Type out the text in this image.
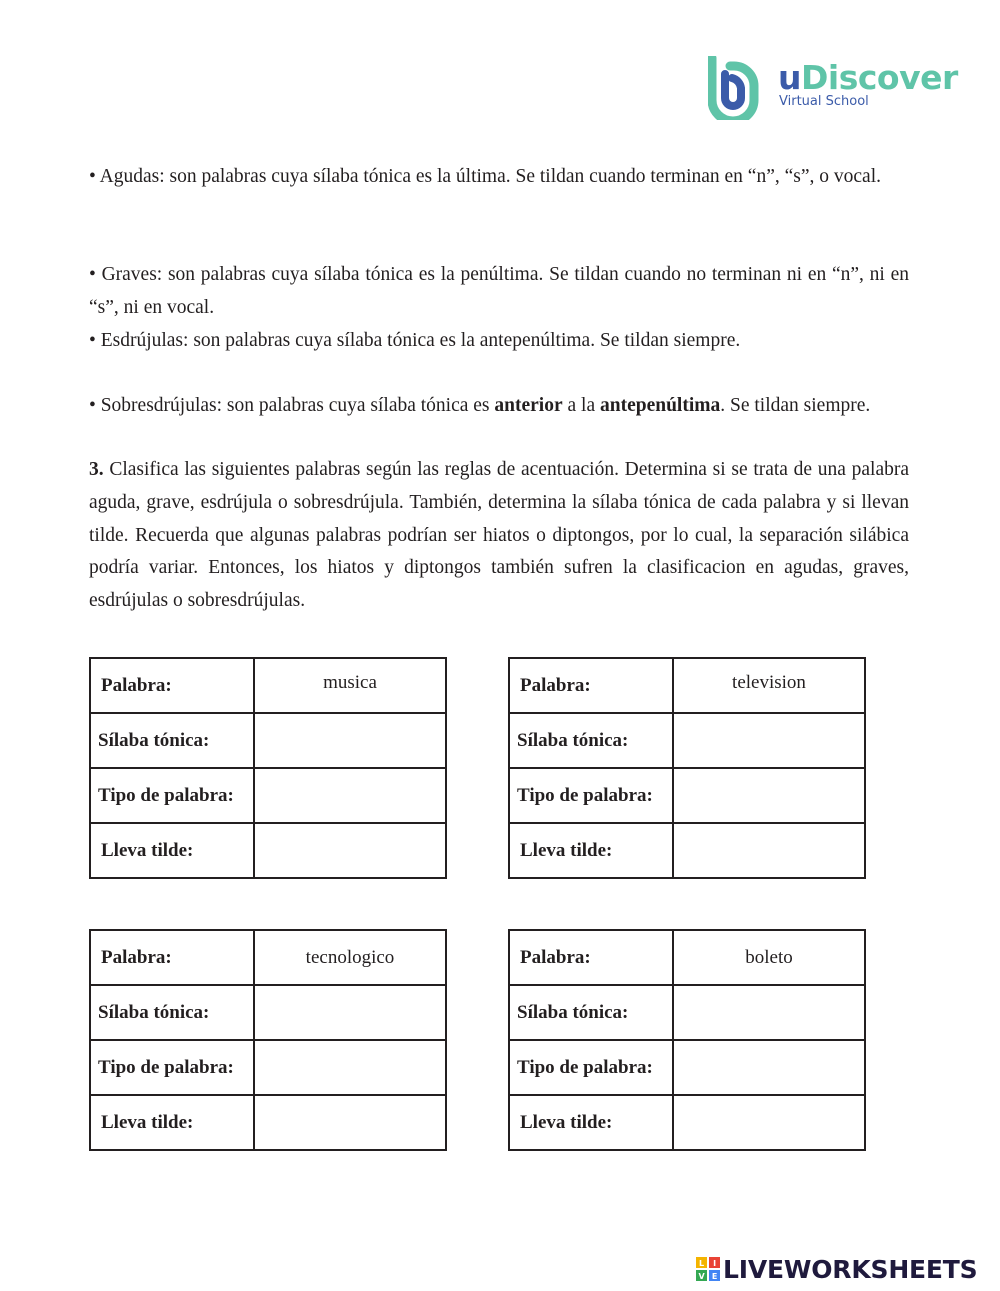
uDiscover
Virtual School

• Agudas: son palabras cuya sílaba tónica es la última. Se tildan cuando terminan en “n”, “s”, o vocal.

• Graves: son palabras cuya sílaba tónica es la penúltima. Se tildan cuando no terminan ni en “n”, ni en “s”, ni en vocal.

• Esdrújulas: son palabras cuya sílaba tónica es la antepenúltima. Se tildan siempre.

• Sobresdrújulas: son palabras cuya sílaba tónica es anterior a la antepenúltima. Se tildan siempre.

3. Clasifica las siguientes palabras según las reglas de acentuación. Determina si se trata de una palabra aguda, grave, esdrújula o sobresdrújula. También, determina la sílaba tónica de cada palabra y si llevan tilde. Recuerda que algunas palabras podrían ser hiatos o diptongos, por lo cual, la separación silábica podría variar. Entonces, los hiatos y diptongos también sufren la clasificacion en agudas, graves, esdrújulas o sobresdrújulas.

Palabra:	musica
Sílaba tónica:	
Tipo de palabra:	
Lleva tilde:	
Palabra:	television
Sílaba tónica:	
Tipo de palabra:	
Lleva tilde:	
Palabra:	tecnologico
Sílaba tónica:	
Tipo de palabra:	
Lleva tilde:	
Palabra:	boleto
Sílaba tónica:	
Tipo de palabra:	
Lleva tilde:	
L I
V E LIVEWORKSHEETS
